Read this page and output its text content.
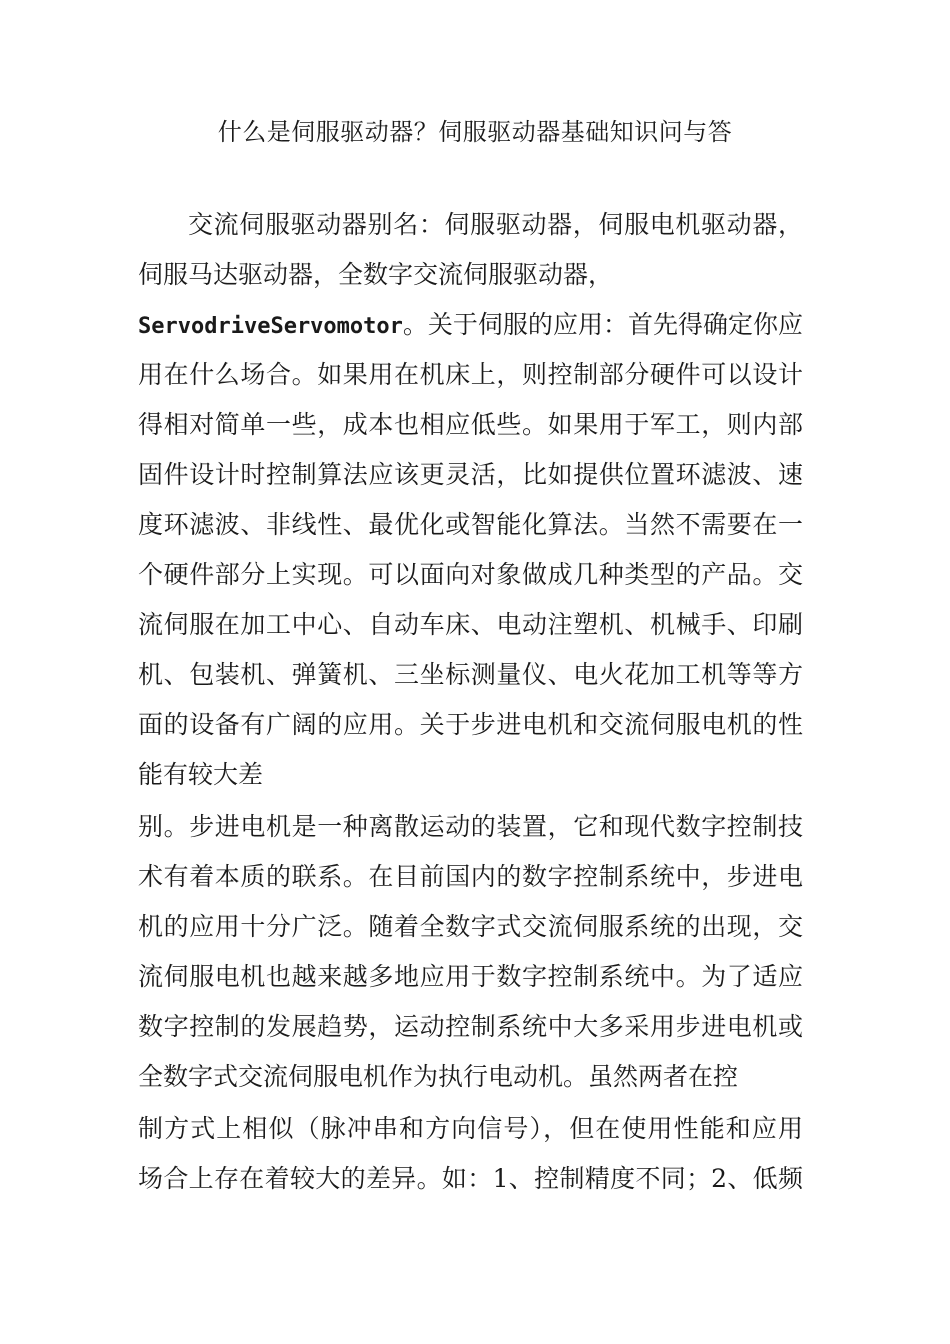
什么是伺服驱动器？伺服驱动器基础知识问与答
交流伺服驱动器别名：伺服驱动器，伺服电机驱动器，
伺服马达驱动器，全数字交流伺服驱动器，
ServodriveServomotor。关于伺服的应用：首先得确定你应
用在什么场合。如果用在机床上，则控制部分硬件可以设计
得相对简单一些，成本也相应低些。如果用于军工，则内部
固件设计时控制算法应该更灵活，比如提供位置环滤波、速
度环滤波、非线性、最优化或智能化算法。当然不需要在一
个硬件部分上实现。可以面向对象做成几种类型的产品。交
流伺服在加工中心、自动车床、电动注塑机、机械手、印刷
机、包装机、弹簧机、三坐标测量仪、电火花加工机等等方
面的设备有广阔的应用。关于步进电机和交流伺服电机的性
能有较大差
别。步进电机是一种离散运动的装置，它和现代数字控制技
术有着本质的联系。在目前国内的数字控制系统中，步进电
机的应用十分广泛。随着全数字式交流伺服系统的出现，交
流伺服电机也越来越多地应用于数字控制系统中。为了适应
数字控制的发展趋势，运动控制系统中大多采用步进电机或
全数字式交流伺服电机作为执行电动机。虽然两者在控
制方式上相似（脉冲串和方向信号），但在使用性能和应用
场合上存在着较大的差异。如：1、控制精度不同；2、低频
